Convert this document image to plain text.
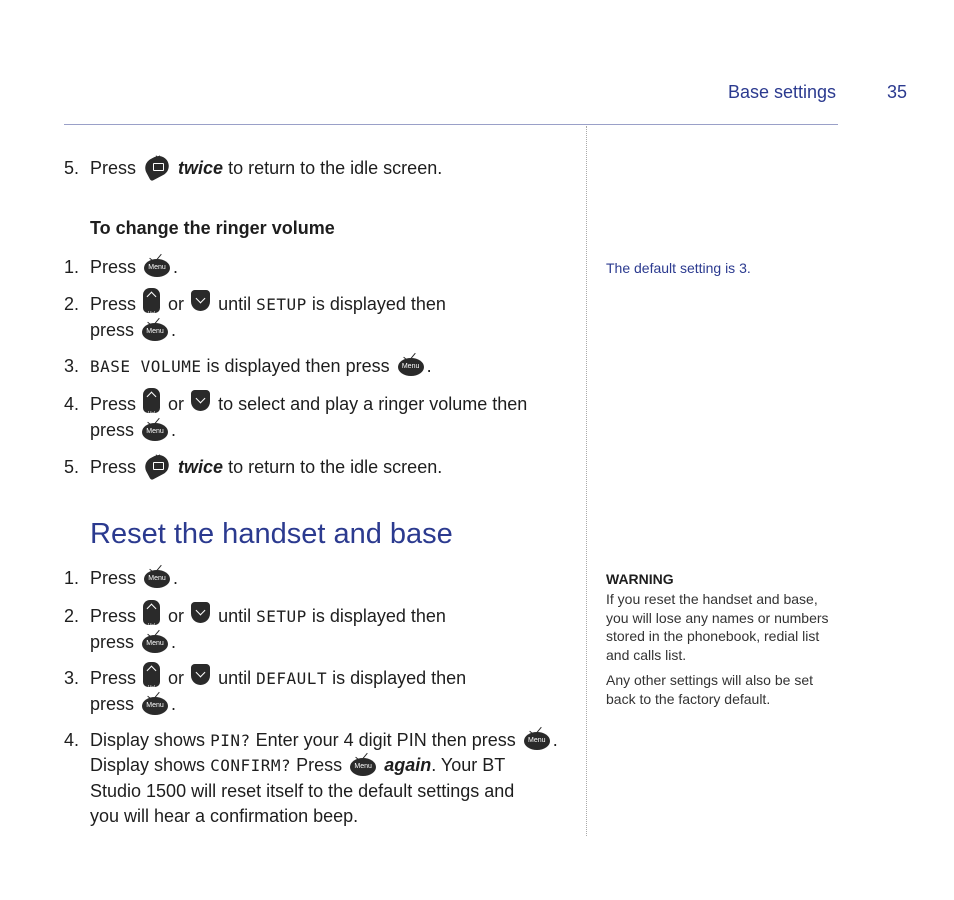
Base settings	35
5. Press twice to return to the idle screen.
To change the ringer volume
1. Press	Menu .
2. Press
Vol
or until SETUP is displayed then
press	Menu .
3. BASE VOLUME is displayed then press	Menu .
4. Press
Vol
or to select and play a ringer volume then
press	Menu .
5. Press twice to return to the idle screen.
Reset the handset and base
1. Press	Menu .
2. Press
Vol
or until SETUP is displayed then
press	Menu .
3. Press
Vol
or until DEFAULT is displayed then
press	Menu .
4. Display shows PIN? Enter your 4 digit PIN then press	Menu .
Display shows CONFIRM? Press	Menu again. Your BT
Studio 1500 will reset itself to the default settings and
you will hear a confirmation beep.
The default setting is 3.
WARNING
If you reset the handset and base, you will lose any names or numbers stored in the phonebook, redial list and calls list.
Any other settings will also be set back to the factory default.
